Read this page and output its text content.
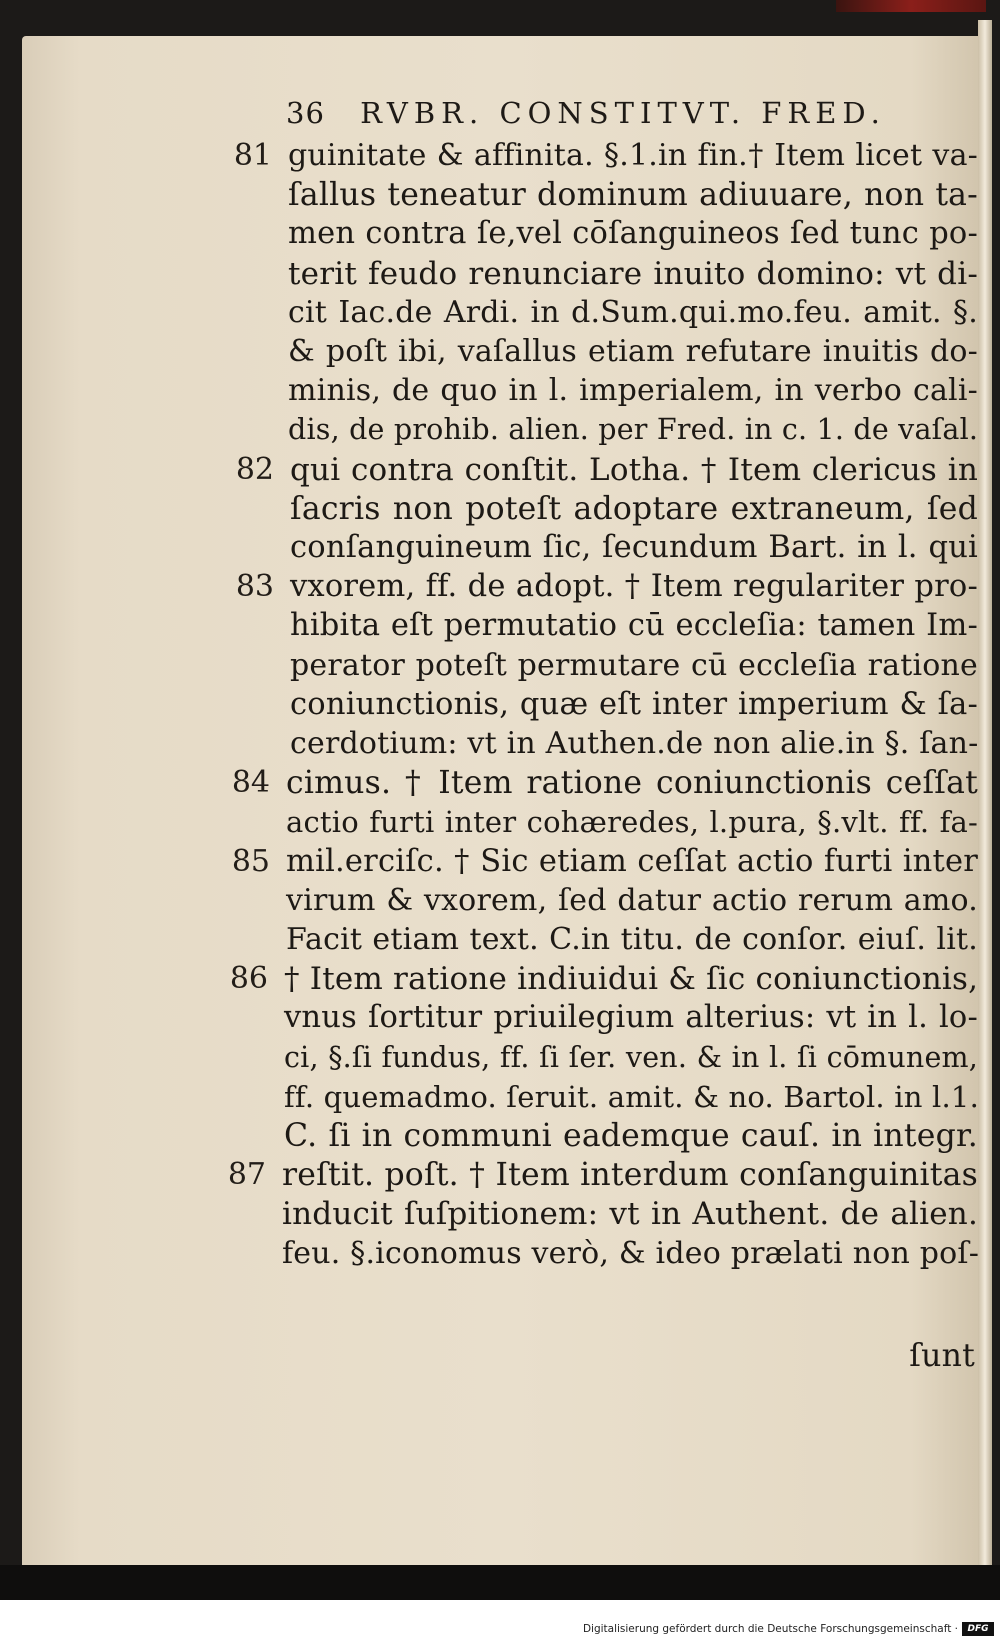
36 RVBR. CONSTITVT. FRED.
81 guinitate & affinita. §.1.in fin.† Item licet va-
ſallus teneatur dominum adiuuare, non ta-
men contra ſe,vel cōſanguineos ſed tunc po-
terit feudo renunciare inuito domino: vt di-
cit Iac.de Ardi. in d.Sum.qui.mo.feu. amit. §.
& poſt ibi, vaſallus etiam refutare inuitis do-
minis, de quo in l. imperialem, in verbo cali-
dis, de prohib. alien. per Fred. in c. 1. de vaſal.
82 qui contra conſtit. Lotha. † Item clericus in
ſacris non poteſt adoptare extraneum, ſed
conſanguineum ſic, ſecundum Bart. in l. qui
83 vxorem, ff. de adopt. † Item regulariter pro-
hibita eſt permutatio cū eccleſia: tamen Im-
perator poteſt permutare cū eccleſia ratione
coniunctionis, quæ eſt inter imperium & ſa-
cerdotium: vt in Authen.de non alie.in §. ſan-
84 cimus. † Item ratione coniunctionis ceſſat
actio furti inter cohæredes, l.pura, §.vlt. ff. fa-
85 mil.erciſc. † Sic etiam ceſſat actio furti inter
virum & vxorem, ſed datur actio rerum amo.
Facit etiam text. C.in titu. de conſor. eiuſ. lit.
86 † Item ratione indiuidui & ſic coniunctionis,
vnus ſortitur priuilegium alterius: vt in l. lo-
ci, §.ſi fundus, ff. ſi ſer. ven. & in l. ſi cōmunem,
ff. quemadmo. ſeruit. amit. & no. Bartol. in l.1.
C. ſi in communi eademque cauſ. in integr.
87 reſtit. poſt. † Item interdum conſanguinitas
inducit ſuſpitionem: vt in Authent. de alien.
feu. §.iconomus verò, & ideo prælati non poſ-
ſunt
Digitalisierung gefördert durch die Deutsche Forschungsgemeinschaft ·	DFG
